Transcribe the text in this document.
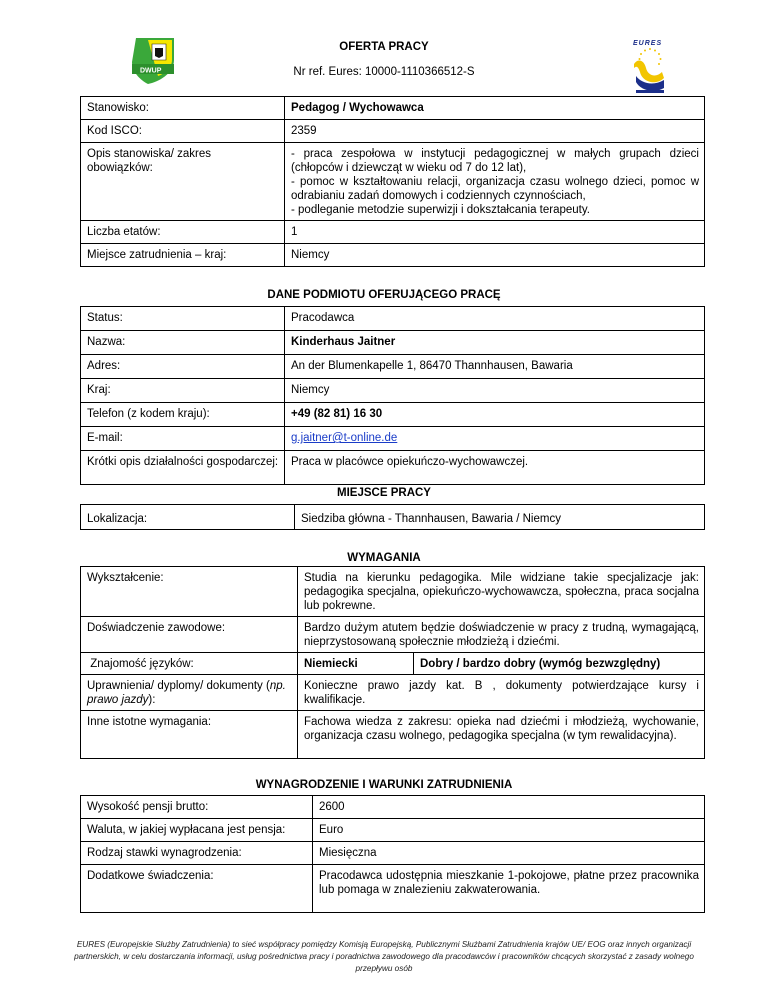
DWUP
EURES
OFERTA PRACY
Nr ref. Eures: 10000-1110366512-S
Stanowisko:	Pedagog / Wychowawca
Kod ISCO:	2359
Opis stanowiska/ zakres obowiązków:	- praca zespołowa w instytucji pedagogicznej w małych grupach dzieci (chłopców i dziewcząt w wieku od 7 do 12 lat),
- pomoc w kształtowaniu relacji, organizacja czasu wolnego dzieci, pomoc w odrabianiu zadań domowych i codziennych czynnościach,
- podleganie metodzie superwizji i dokształcania terapeuty.
Liczba etatów:	1
Miejsce zatrudnienia – kraj:	Niemcy
DANE PODMIOTU OFERUJĄCEGO PRACĘ
Status:	Pracodawca
Nazwa:	Kinderhaus Jaitner
Adres:	An der Blumenkapelle 1, 86470 Thannhausen, Bawaria
Kraj:	Niemcy
Telefon (z kodem kraju):	+49 (82 81) 16 30
E-mail:	g.jaitner@t-online.de
Krótki opis działalności gospodarczej:	Praca w placówce opiekuńczo-wychowawczej.
MIEJSCE PRACY
Lokalizacja:	Siedziba główna - Thannhausen, Bawaria / Niemcy
WYMAGANIA
Wykształcenie:	Studia na kierunku pedagogika. Mile widziane takie specjalizacje jak: pedagogika specjalna, opiekuńczo-wychowawcza, społeczna, praca socjalna lub pokrewne.	
Doświadczenie zawodowe:	Bardzo dużym atutem będzie doświadczenie w pracy z trudną, wymagającą, nieprzystosowaną społecznie młodzieżą i dziećmi.	
Znajomość języków:	Niemiecki	Dobry / bardzo dobry (wymóg bezwzględny)
Uprawnienia/ dyplomy/ dokumenty (np. prawo jazdy):	Konieczne prawo jazdy kat. B , dokumenty potwierdzające kursy i kwalifikacje.	
Inne istotne wymagania:	Fachowa wiedza z zakresu: opieka nad dziećmi i młodzieżą, wychowanie, organizacja czasu wolnego, pedagogika specjalna (w tym rewalidacyjna).	
WYNAGRODZENIE I WARUNKI ZATRUDNIENIA
Wysokość pensji brutto:	2600
Waluta, w jakiej wypłacana jest pensja:	Euro
Rodzaj stawki wynagrodzenia:	Miesięczna
Dodatkowe świadczenia:	Pracodawca udostępnia mieszkanie 1-pokojowe, płatne przez pracownika lub pomaga w znalezieniu zakwaterowania.
EURES (Europejskie Służby Zatrudnienia) to sieć współpracy pomiędzy Komisją Europejską, Publicznymi Służbami Zatrudnienia krajów UE/ EOG oraz innych organizacji partnerskich, w celu dostarczania informacji, usług pośrednictwa pracy i poradnictwa zawodowego dla pracodawców i pracowników chcących skorzystać z zasady wolnego przepływu osób
